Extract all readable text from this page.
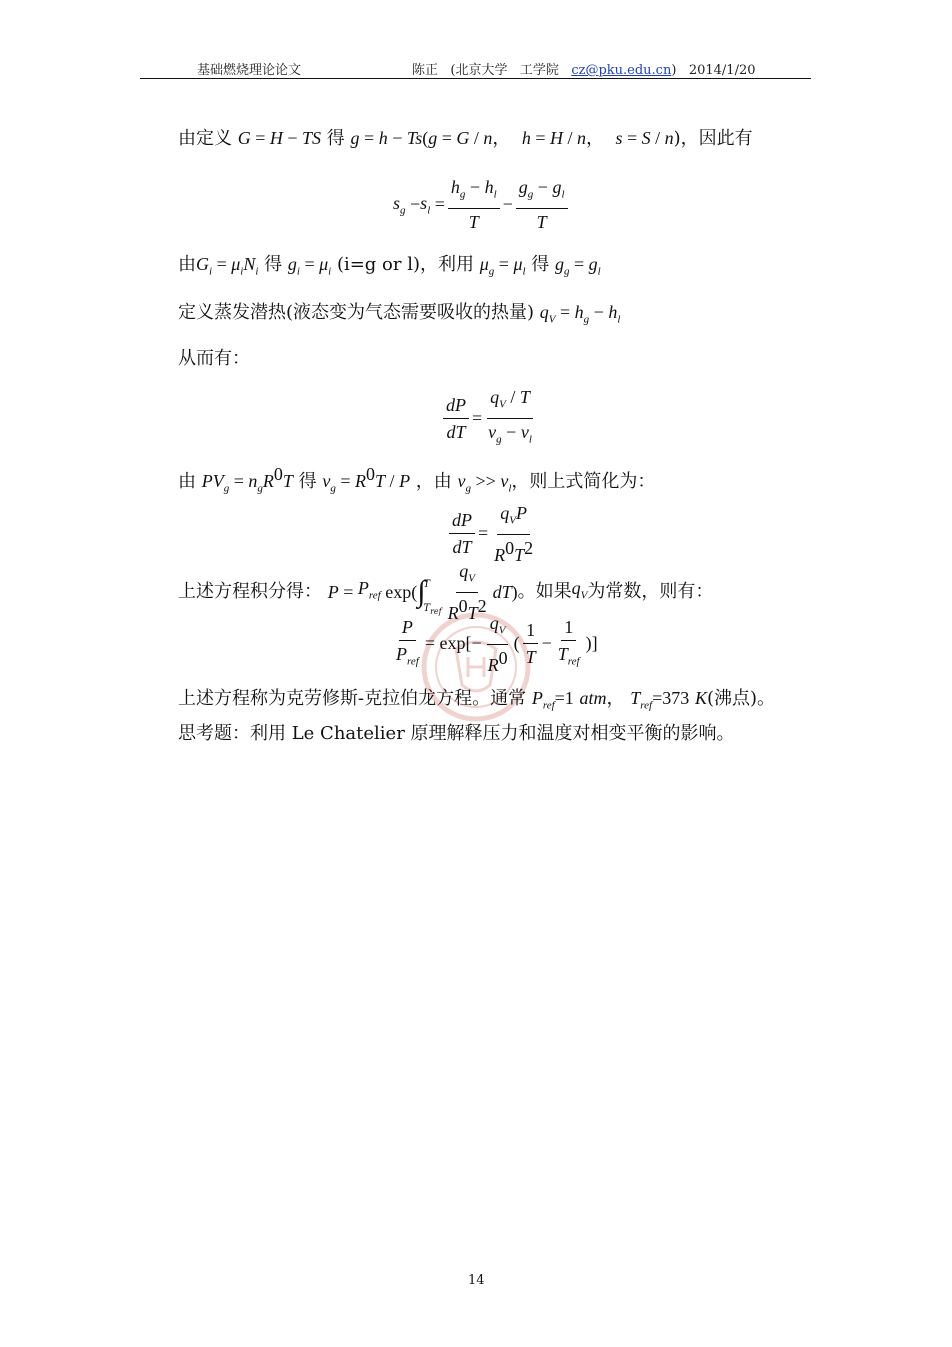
基础燃烧理论论文	陈正 (北京大学 工学院 cz@pku.edu.cn) 2014/1/20
由定义 G = H − TS 得 g = h − Ts(g = G / n， h = H / n， s = S / n)，因此有
$s_g - s_l = \frac{h_g - h_l}{T} - \frac{g_g - g_l}{T}$
由$G_i = \mu_iN_i$ 得 $g_i = \mu_i$ (i=g or l)，利用 $\mu_g = \mu_l$ 得 $g_g = g_l$
定义蒸发潜热(液态变为气态需要吸收的热量) $q_V = h_g - h_l$
从而有：
$\frac{dP}{dT} = \frac{q_V / T}{v_g - v_l}$
由 $PV_g = n_gR^0T$ 得 $v_g = R^0T / P$ ，由 $v_g >> v_l$，则上式简化为：
$\frac{dP}{dT} = \frac{q_VP}{R^0T^2}$
上述方程积分得：
$P = P_{ref}$ exp( ∫
T
$T_{ref} \frac{q_V}{R^0T^2}$ dT ) 。如果 $q_V$ 为常数，则有：
$\frac{P}{P_{ref}} = \exp[- \frac{q_V}{R^0}$ ( $\frac{1}{T} - \frac{1}{T_{ref}}$ )]
上述方程称为克劳修斯-克拉伯龙方程。通常 $P_{ref}=1$ atm， $T_{ref}=373$ K(沸点)。
思考题：利用 Le Chatelier 原理解释压力和温度对相变平衡的影响。
14
